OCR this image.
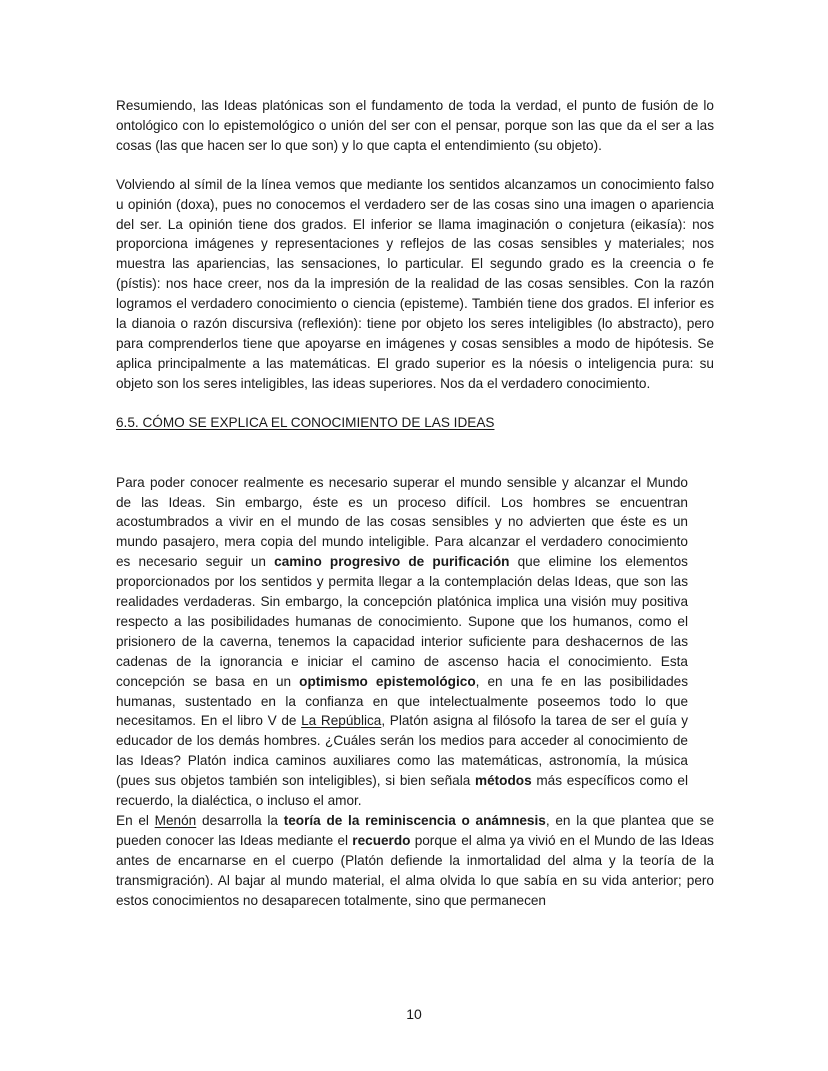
Resumiendo, las Ideas platónicas son el fundamento de toda la verdad, el punto de fusión de lo ontológico con lo epistemológico o unión del ser con el pensar, porque son las que da el ser a las cosas (las que hacen ser lo que son) y lo que capta el entendimiento (su objeto).

Volviendo al símil de la línea vemos que mediante los sentidos alcanzamos un conocimiento falso u opinión (doxa), pues no conocemos el verdadero ser de las cosas sino una imagen o apariencia del ser. La opinión tiene dos grados. El inferior se llama imaginación o conjetura (eikasía): nos proporciona imágenes y representaciones y reflejos de las cosas sensibles y materiales; nos muestra las apariencias, las sensaciones, lo particular. El segundo grado es la creencia o fe (pístis): nos hace creer, nos da la impresión de la realidad de las cosas sensibles. Con la razón logramos el verdadero conocimiento o ciencia (episteme). También tiene dos grados. El inferior es la dianoia o razón discursiva (reflexión): tiene por objeto los seres inteligibles (lo abstracto), pero para comprenderlos tiene que apoyarse en imágenes y cosas sensibles a modo de hipótesis. Se aplica principalmente a las matemáticas. El grado superior es la nóesis o inteligencia pura: su objeto son los seres inteligibles, las ideas superiores. Nos da el verdadero conocimiento.

6.5. CÓMO SE EXPLICA EL CONOCIMIENTO DE LAS IDEAS

Para poder conocer realmente es necesario superar el mundo sensible y alcanzar el Mundo de las Ideas. Sin embargo, éste es un proceso difícil. Los hombres se encuentran acostumbrados a vivir en el mundo de las cosas sensibles y no advierten que éste es un mundo pasajero, mera copia del mundo inteligible. Para alcanzar el verdadero conocimiento es necesario seguir un camino progresivo de purificación que elimine los elementos proporcionados por los sentidos y permita llegar a la contemplación delas Ideas, que son las realidades verdaderas. Sin embargo, la concepción platónica implica una visión muy positiva respecto a las posibilidades humanas de conocimiento. Supone que los humanos, como el prisionero de la caverna, tenemos la capacidad interior suficiente para deshacernos de las cadenas de la ignorancia e iniciar el camino de ascenso hacia el conocimiento. Esta concepción se basa en un optimismo epistemológico, en una fe en las posibilidades humanas, sustentado en la confianza en que intelectualmente poseemos todo lo que necesitamos. En el libro V de La República, Platón asigna al filósofo la tarea de ser el guía y educador de los demás hombres. ¿Cuáles serán los medios para acceder al conocimiento de las Ideas? Platón indica caminos auxiliares como las matemáticas, astronomía, la música (pues sus objetos también son inteligibles), si bien señala métodos más específicos como el recuerdo, la dialéctica, o incluso el amor.

En el Menón desarrolla la teoría de la reminiscencia o anámnesis, en la que plantea que se pueden conocer las Ideas mediante el recuerdo porque el alma ya vivió en el Mundo de las Ideas antes de encarnarse en el cuerpo (Platón defiende la inmortalidad del alma y la teoría de la transmigración). Al bajar al mundo material, el alma olvida lo que sabía en su vida anterior; pero estos conocimientos no desaparecen totalmente, sino que permanecen

10
